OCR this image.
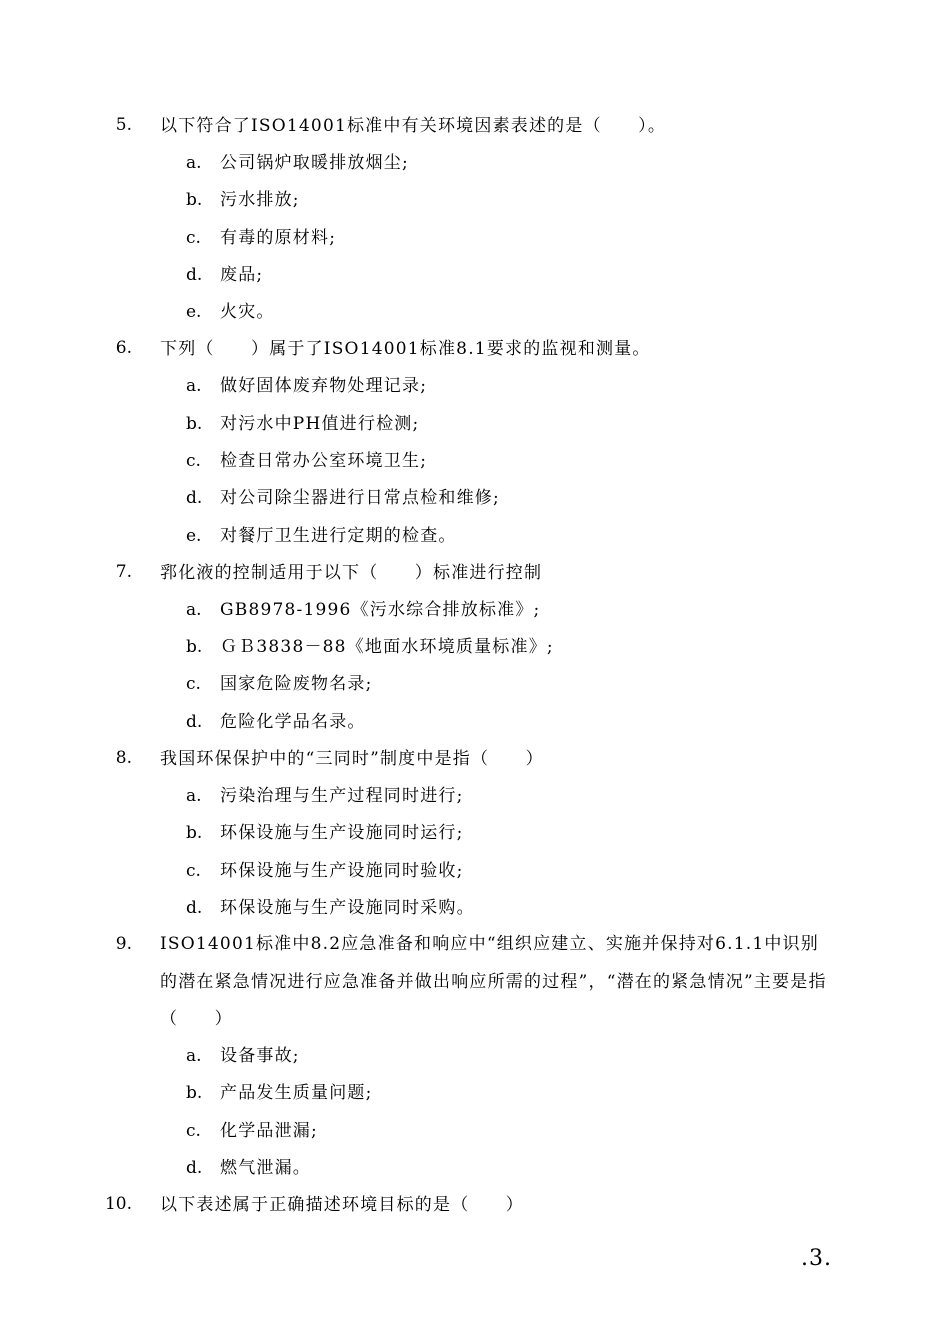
5. 以下符合了ISO14001标准中有关环境因素表述的是（　　）。
a. 公司锅炉取暖排放烟尘;
b. 污水排放;
c. 有毒的原材料;
d. 废品;
e. 火灾。
6. 下列（　　）属于了ISO14001标准8.1要求的监视和测量。
a. 做好固体废弃物处理记录;
b. 对污水中PH值进行检测;
c. 检查日常办公室环境卫生;
d. 对公司除尘器进行日常点检和维修;
e. 对餐厅卫生进行定期的检查。
7. 郛化液的控制适用于以下（　　）标准进行控制
a. GB8978-1996《污水综合排放标准》;
b. ＧＢ3838－88《地面水环境质量标准》;
c. 国家危险废物名录;
d. 危险化学品名录。
8. 我国环保保护中的“三同时”制度中是指（　　）
a. 污染治理与生产过程同时进行;
b. 环保设施与生产设施同时运行;
c. 环保设施与生产设施同时验收;
d. 环保设施与生产设施同时采购。
9. ISO14001标准中8.2应急准备和响应中“组织应建立、实施并保持对6.1.1中识别的潜在紧急情况进行应急准备并做出响应所需的过程”，“潜在的紧急情况”主要是指（　　）
a. 设备事故;
b. 产品发生质量问题;
c. 化学品泄漏;
d. 燃气泄漏。
10. 以下表述属于正确描述环境目标的是（　　）
.3.
